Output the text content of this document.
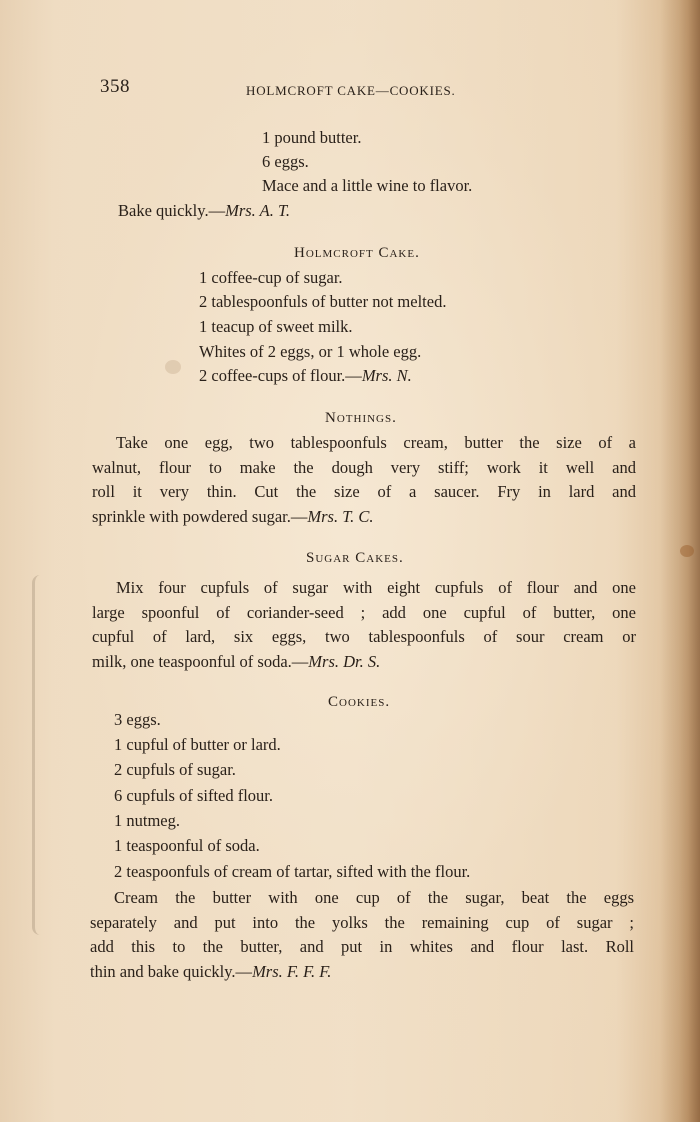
358	HOLMCROFT CAKE—COOKIES.
1 pound butter.
6 eggs.
Mace and a little wine to flavor.
Bake quickly.—Mrs. A. T.
Holmcroft Cake.
1 coffee-cup of sugar.
2 tablespoonfuls of butter not melted.
1 teacup of sweet milk.
Whites of 2 eggs, or 1 whole egg.
2 coffee-cups of flour.—Mrs. N.
Nothings.
Take one egg, two tablespoonfuls cream, butter the size of a
walnut, flour to make the dough very stiff; work it well and
roll it very thin. Cut the size of a saucer. Fry in lard and
sprinkle with powdered sugar.—Mrs. T. C.
Sugar Cakes.
Mix four cupfuls of sugar with eight cupfuls of flour and one
large spoonful of coriander-seed ; add one cupful of butter, one
cupful of lard, six eggs, two tablespoonfuls of sour cream or
milk, one teaspoonful of soda.—Mrs. Dr. S.
Cookies.
3 eggs.
1 cupful of butter or lard.
2 cupfuls of sugar.
6 cupfuls of sifted flour.
1 nutmeg.
1 teaspoonful of soda.
2 teaspoonfuls of cream of tartar, sifted with the flour.
Cream the butter with one cup of the sugar, beat the eggs
separately and put into the yolks the remaining cup of sugar ;
add this to the butter, and put in whites and flour last. Roll
thin and bake quickly.—Mrs. F. F. F.
